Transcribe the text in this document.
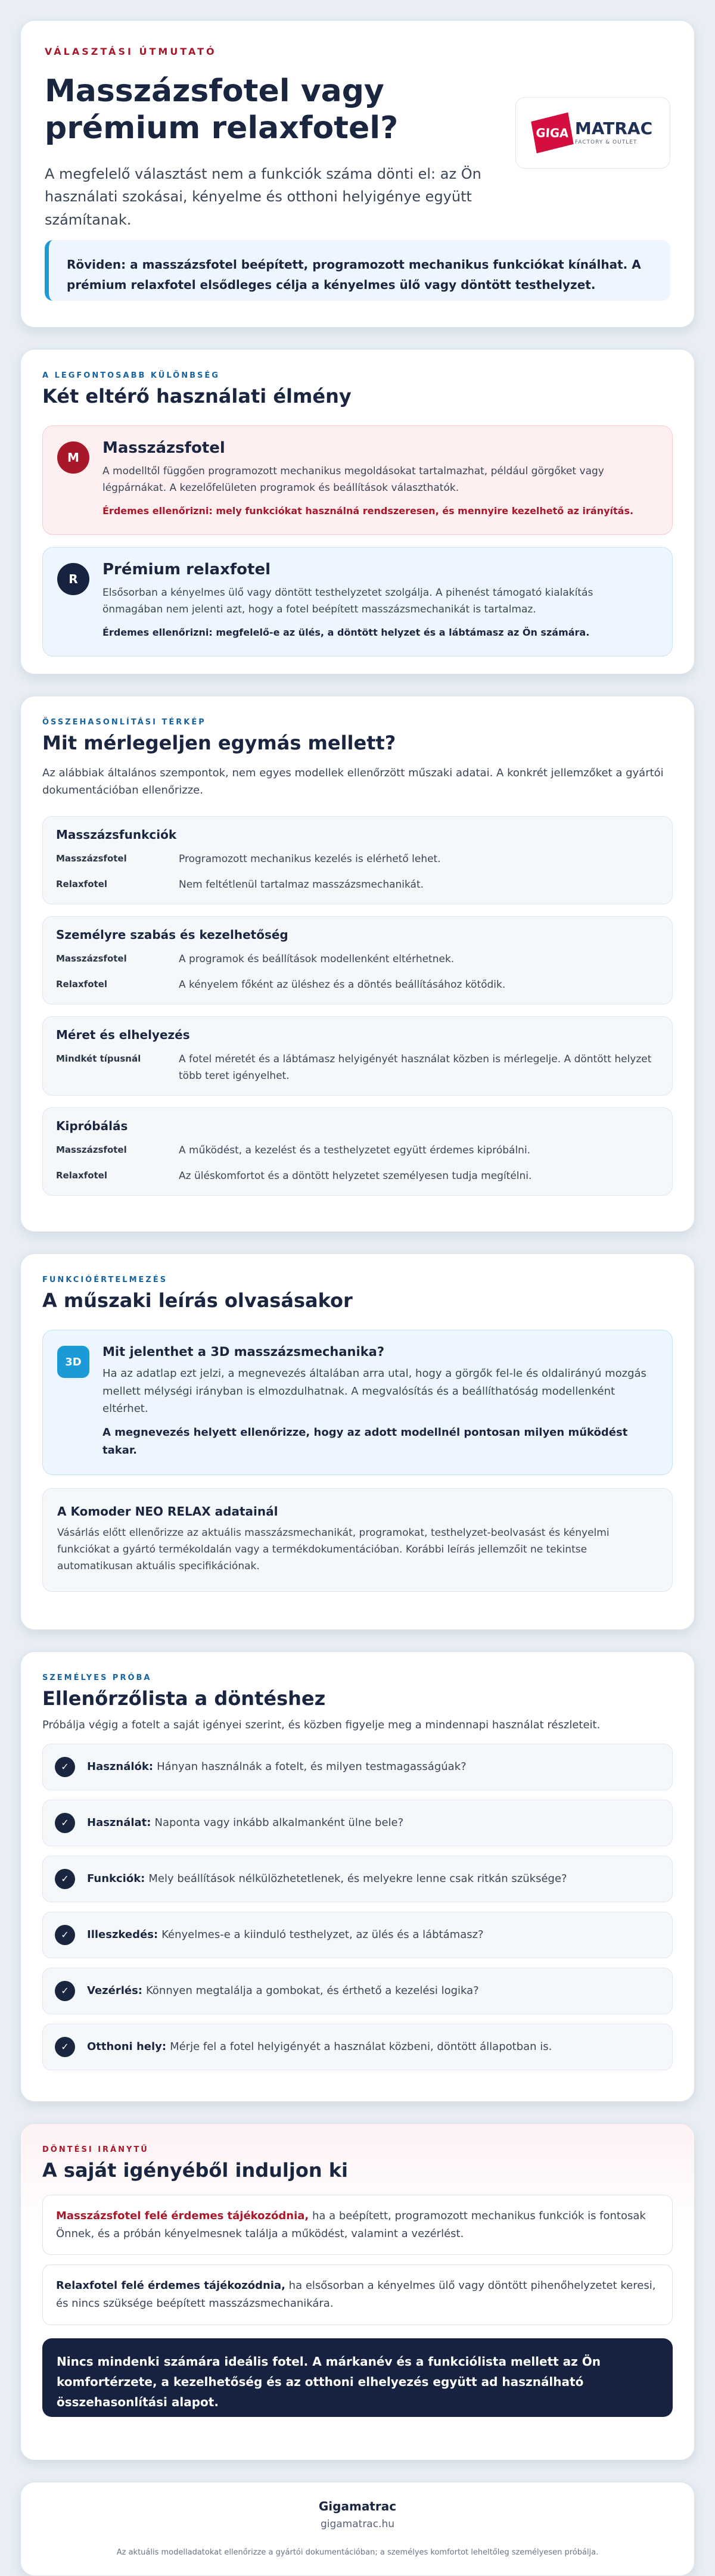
VÁLASZTÁSI ÚTMUTATÓ
Masszázsfotel vagy prémium relaxfotel?

A megfelelő választást nem a funkciók száma dönti el: az Ön használati szokásai, kényelme és otthoni helyigénye együtt számítanak.

GIGA MATRAC
FACTORY & OUTLET
Röviden: a masszázsfotel beépített, programozott mechanikus funkciókat kínálhat. A prémium relaxfotel elsődleges célja a kényelmes ülő vagy döntött testhelyzet.
A LEGFONTOSABB KÜLÖNBSÉG
Két eltérő használati élmény
M
Masszázsfotel

A modelltől függően programozott mechanikus megoldásokat tartalmazhat, például görgőket vagy légpárnákat. A kezelőfelületen programok és beállítások választhatók.

Érdemes ellenőrizni: mely funkciókat használná rendszeresen, és mennyire kezelhető az irányítás.

R
Prémium relaxfotel

Elsősorban a kényelmes ülő vagy döntött testhelyzetet szolgálja. A pihenést támogató kialakítás önmagában nem jelenti azt, hogy a fotel beépített masszázsmechanikát is tartalmaz.

Érdemes ellenőrizni: megfelelő-e az ülés, a döntött helyzet és a lábtámasz az Ön számára.

ÖSSZEHASONLÍTÁSI TÉRKÉP
Mit mérlegeljen egymás mellett?

Az alábbiak általános szempontok, nem egyes modellek ellenőrzött műszaki adatai. A konkrét jellemzőket a gyártói dokumentációban ellenőrizze.

Masszázsfunkciók
Masszázsfotel	Programozott mechanikus kezelés is elérhető lehet.
Relaxfotel	Nem feltétlenül tartalmaz masszázsmechanikát.
Személyre szabás és kezelhetőség
Masszázsfotel	A programok és beállítások modellenként eltérhetnek.
Relaxfotel	A kényelem főként az üléshez és a döntés beállításához kötődik.
Méret és elhelyezés
Mindkét típusnál	A fotel méretét és a lábtámasz helyigényét használat közben is mérlegelje. A döntött helyzet több teret igényelhet.
Kipróbálás
Masszázsfotel	A működést, a kezelést és a testhelyzetet együtt érdemes kipróbálni.
Relaxfotel	Az üléskomfortot és a döntött helyzetet személyesen tudja megítélni.
FUNKCIÓÉRTELMEZÉS
A műszaki leírás olvasásakor
3D
Mit jelenthet a 3D masszázsmechanika?

Ha az adatlap ezt jelzi, a megnevezés általában arra utal, hogy a görgők fel-le és oldalirányú mozgás mellett mélységi irányban is elmozdulhatnak. A megvalósítás és a beállíthatóság modellenként eltérhet.

A megnevezés helyett ellenőrizze, hogy az adott modellnél pontosan milyen működést takar.

A Komoder NEO RELAX adatainál

Vásárlás előtt ellenőrizze az aktuális masszázsmechanikát, programokat, testhelyzet-beolvasást és kényelmi funkciókat a gyártó termékoldalán vagy a termékdokumentációban. Korábbi leírás jellemzőit ne tekintse automatikusan aktuális specifikációnak.

SZEMÉLYES PRÓBA
Ellenőrzőlista a döntéshez

Próbálja végig a fotelt a saját igényei szerint, és közben figyelje meg a mindennapi használat részleteit.

✓	Használók: Hányan használnák a fotelt, és milyen testmagasságúak?
✓	Használat: Naponta vagy inkább alkalmanként ülne bele?
✓	Funkciók: Mely beállítások nélkülözhetetlenek, és melyekre lenne csak ritkán szüksége?
✓	Illeszkedés: Kényelmes-e a kiinduló testhelyzet, az ülés és a lábtámasz?
✓	Vezérlés: Könnyen megtalálja a gombokat, és érthető a kezelési logika?
✓	Otthoni hely: Mérje fel a fotel helyigényét a használat közbeni, döntött állapotban is.
DÖNTÉSI IRÁNYTŰ
A saját igényéből induljon ki
Masszázsfotel felé érdemes tájékozódnia, ha a beépített, programozott mechanikus funkciók is fontosak Önnek, és a próbán kényelmesnek találja a működést, valamint a vezérlést.
Relaxfotel felé érdemes tájékozódnia, ha elsősorban a kényelmes ülő vagy döntött pihenőhelyzetet keresi, és nincs szüksége beépített masszázsmechanikára.
Nincs mindenki számára ideális fotel. A márkanév és a funkciólista mellett az Ön komfortérzete, a kezelhetőség és az otthoni elhelyezés együtt ad használható összehasonlítási alapot.
Gigamatrac
gigamatrac.hu
Az aktuális modelladatokat ellenőrizze a gyártói dokumentációban; a személyes komfortot leheltőleg személyesen próbálja.
